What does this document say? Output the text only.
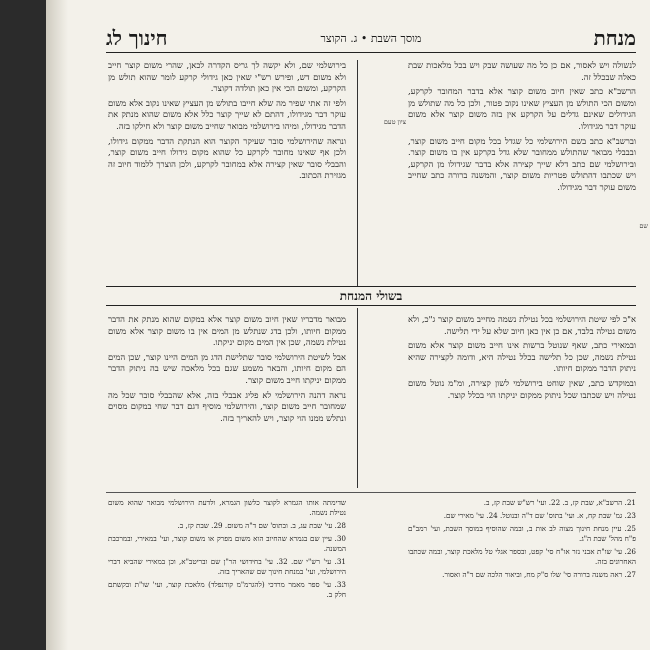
מנחת
מוסך השבת • ג. הקוצר
חינוך לג
ציון טעם
שם

לנשולה ויש לאסור, אם כן כל מה שעושה שבק ויש בכל מלאכות שבת כאלה שבכלל זה.

הרשב"א כתב שאין חיוב משום קוצר אלא בדבר המחובר לקרקע, ומשום הכי התולש מן העציץ שאינו נקוב פטור, ולכן כל מה שתולש מן הגידולים שאינם גדלים על הקרקע אין בזה משום קוצר אלא משום עוקר דבר מגידולו.

וברשב"א כתב בשם הירושלמי כל שגדל בכל מקום חייב משום קוצר, ובבבלי מבואר שהתולש ממחובר שלא גדל בקרקע אין בו משום קוצר. ובירושלמי שם כתב דלא שייך קצירה אלא בדבר שגידולו מן הקרקע, ויש שכתבו דהתולש פטריות משום קוצר, והמשנה ברורה כתב שחייב משום עוקר דבר מגידולו.

בירושלמי שם, ולא יקשה לך גריס הקדרה לכאן, שהרי משום קוצר חייב ולא משום דש, ופירש רש"י שאין כאן גידולי קרקע לומר שהוא תולש מן הקרקע, ומשום הכי אין כאן תולדה דקוצר.

ולפי זה אתי שפיר מה שלא חייבו בתולש מן העציץ שאינו נקוב אלא משום עוקר דבר מגידולו, דהתם לא שייך קוצר כלל אלא משום שהוא מנתק את הדבר מגידולו, ומיהו בירושלמי מבואר שחייב משום קוצר ולא חילקו בזה.

ונראה שהירושלמי סובר שעיקר הקוצר הוא הנתקת הדבר ממקום גידולו, ולכן אף שאינו מחובר לקרקע כל שהוא מקום גידולו חייב משום קוצר, והבבלי סובר שאין קצירה אלא במחובר לקרקע, ולכן הוצרך ללמוד חיוב זה מגזירת הכתוב.

בשולי המנחת

א"כ לפי שיטת הירושלמי בכל נטילת נשמה מחייב משום קוצר ג"כ, ולא משום נטילה בלבד, אם כן אין כאן חיוב שלא על ידי תלישה.

ובמאירי כתב, שאף שנוטל ברשות אינו חייב משום קוצר אלא משום נטילת נשמה, שכן כל תלישה בכלל נטילה היא, ודומה לקצירה שהיא ניתוק הדבר ממקום חיותו.

ובמוקדש כתב, שאין שוחט בירושלמי לשון קצירה, ומ"מ נוטל משום נטילה ויש שכתבו שכל ניתוק ממקום יניקתו הוי בכלל קוצר.

מבואר מדבריו שאין חיוב משום קוצר אלא במקום שהוא מנתק את הדבר ממקום חיותו, ולכן בדג שנתלש מן המים אין בו משום קוצר אלא משום נטילת נשמה, שכן אין המים מקום יניקתו.

אבל לשיטת הירושלמי סובר שתלישת הדג מן המים היינו קוצר, שכן המים הם מקום חיותו, והבאר משמע שגם בכל מלאכה שיש בה ניתוק הדבר ממקום יניקתו חייב משום קוצר.

נראה דהנה הירושלמי לא פליג אבבלי בזה, אלא שהבבלי סובר שכל מה שמחובר חייב משום קוצר, והירושלמי מוסיף דגם דבר שחי במקום מסוים ונתלש ממנו הוי קוצר, ויש להאריך בזה.

21. הרשב"א, שבת קז, ב. 22. ועי' רש"ש שבת קז, ב.

23. גמ' שבת קח, א. ועי' בתוס' שם ד"ה ובנוטל. 24. עי' מאירי שם.

25. עיין מנחת חינוך מצוה לב אות ב, ובמה שהוסיף במוסך השבת, ועי' רמב"ם פ"ח מהל' שבת ה"ג.

26. עי' שו"ת אבני נזר או"ח סי' קפט, ובספר אגלי טל מלאכת קוצר, ובמה שכתבו האחרונים בזה.

27. ראה משנה ברורה סי' שלו ס"ק מח, וביאור הלכה שם ד"ה ואסור.

שדימתה אותו הגמרא לקוצר כלשון הגמרא, ולדעת הירושלמי מבואר שהוא משום נטילת נשמה.

28. עי' שבת עג, ב. ובתוס' שם ד"ה משום. 29. שבת קז, ב.

30. עיין שם בגמרא שהחיוב הוא משום מפרק או משום קוצר, ועי' במאירי, ובמרכבת המשנה.

31. עי' רש"י שם. 32. עי' בחידושי הר"ן שם ובריטב"א, וכן במאירי שהביא דברי הירושלמי, ועי' במנחת חינוך שם שהאריך בזה.

33. עי' ספר מאמר מרדכי (להגרמ"מ קורנפלד) מלאכת קוצר, ועי' שו"ת ובקשתם חלק ב.
